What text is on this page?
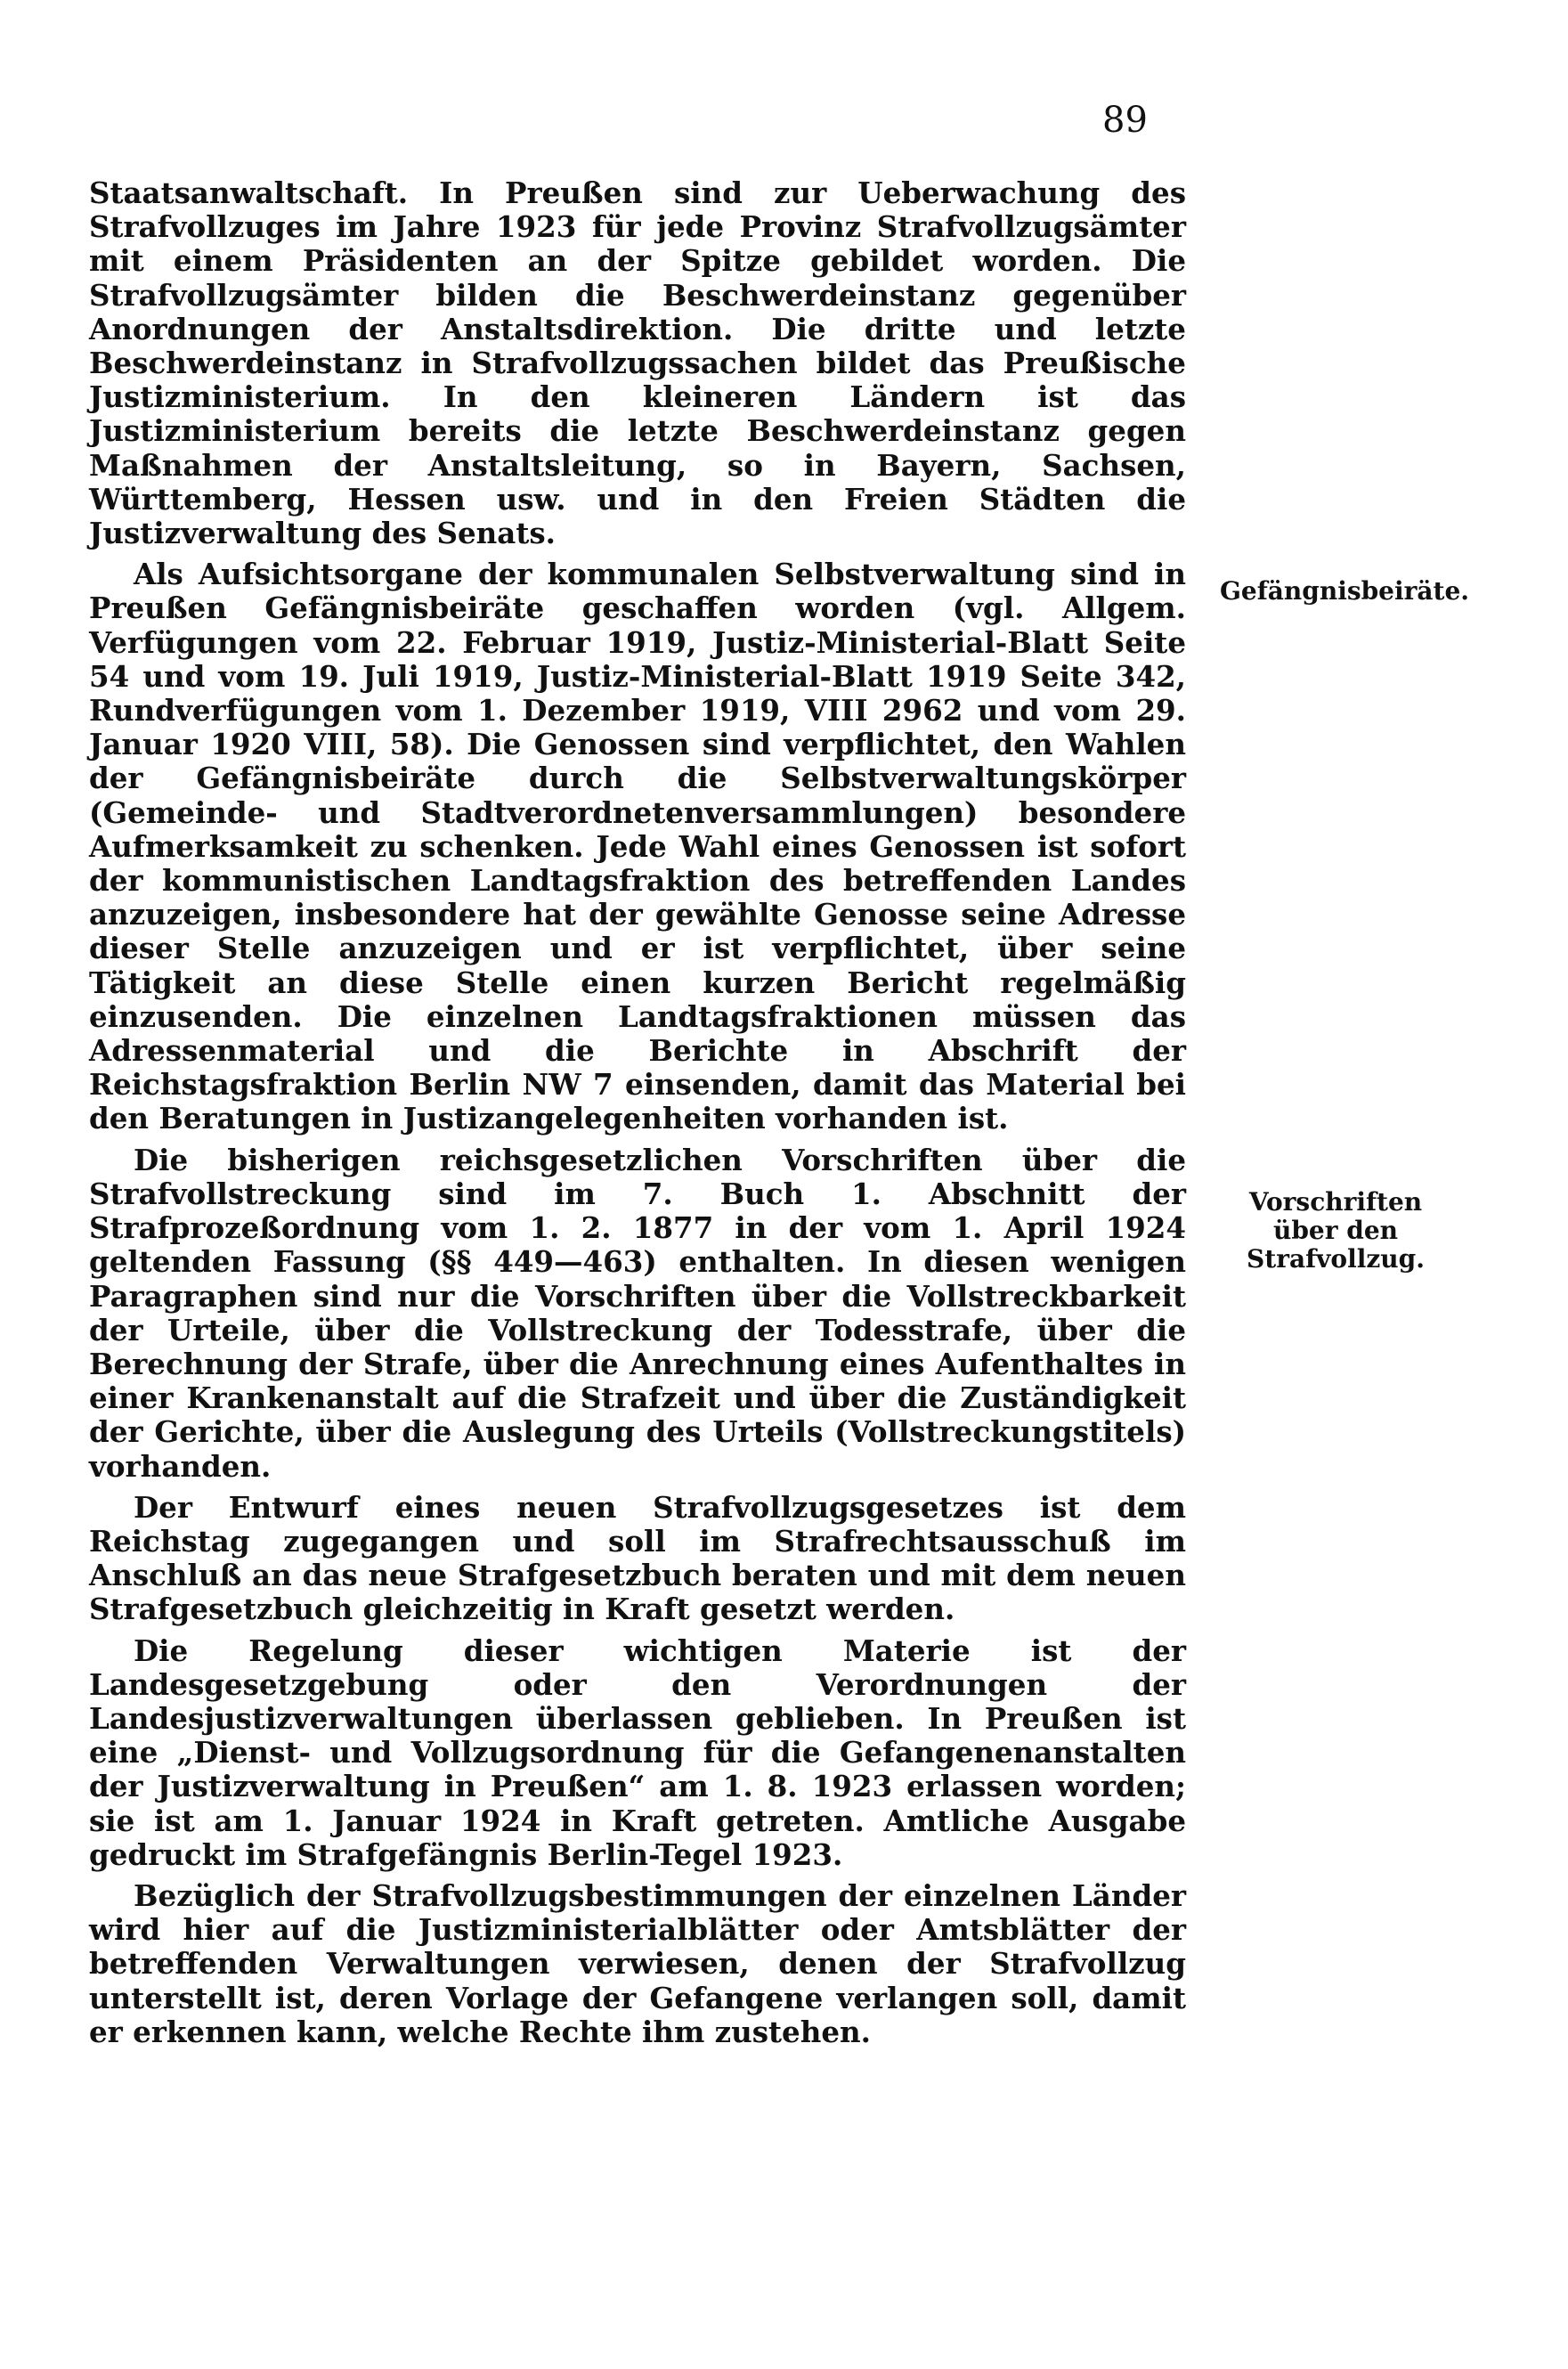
89

Staatsanwaltschaft. In Preußen sind zur Ueberwachung des Strafvollzuges im Jahre 1923 für jede Provinz Strafvollzugsämter mit einem Präsidenten an der Spitze gebildet worden. Die Strafvollzugsämter bilden die Beschwerdeinstanz gegenüber Anordnungen der Anstaltsdirektion. Die dritte und letzte Beschwerdeinstanz in Strafvollzugssachen bildet das Preußische Justizministerium. In den kleineren Ländern ist das Justizministerium bereits die letzte Beschwerdeinstanz gegen Maßnahmen der Anstaltsleitung, so in Bayern, Sachsen, Württemberg, Hessen usw. und in den Freien Städten die Justizverwaltung des Senats.

Als Aufsichtsorgane der kommunalen Selbstverwaltung sind in Preußen Gefängnisbeiräte geschaffen worden (vgl. Allgem. Verfügungen vom 22. Februar 1919, Justiz-Ministerial-Blatt Seite 54 und vom 19. Juli 1919, Justiz-Ministerial-Blatt 1919 Seite 342, Rundverfügungen vom 1. Dezember 1919, VIII 2962 und vom 29. Januar 1920 VIII, 58). Die Genossen sind verpflichtet, den Wahlen der Gefängnisbeiräte durch die Selbstverwaltungskörper (Gemeinde- und Stadtverordnetenversammlungen) besondere Aufmerksamkeit zu schenken. Jede Wahl eines Genossen ist sofort der kommunistischen Landtagsfraktion des betreffenden Landes anzuzeigen, insbesondere hat der gewählte Genosse seine Adresse dieser Stelle anzuzeigen und er ist verpflichtet, über seine Tätigkeit an diese Stelle einen kurzen Bericht regelmäßig einzusenden. Die einzelnen Landtagsfraktionen müssen das Adressenmaterial und die Berichte in Abschrift der Reichstagsfraktion Berlin NW 7 einsenden, damit das Material bei den Beratungen in Justizangelegenheiten vorhanden ist.

Die bisherigen reichsgesetzlichen Vorschriften über die Strafvollstreckung sind im 7. Buch 1. Abschnitt der Strafprozeßordnung vom 1. 2. 1877 in der vom 1. April 1924 geltenden Fassung (§§ 449—463) enthalten. In diesen wenigen Paragraphen sind nur die Vorschriften über die Vollstreckbarkeit der Urteile, über die Vollstreckung der Todesstrafe, über die Berechnung der Strafe, über die Anrechnung eines Aufenthaltes in einer Krankenanstalt auf die Strafzeit und über die Zuständigkeit der Gerichte, über die Auslegung des Urteils (Vollstreckungstitels) vorhanden.

Der Entwurf eines neuen Strafvollzugsgesetzes ist dem Reichstag zugegangen und soll im Strafrechtsausschuß im Anschluß an das neue Strafgesetzbuch beraten und mit dem neuen Strafgesetzbuch gleichzeitig in Kraft gesetzt werden.

Die Regelung dieser wichtigen Materie ist der Landesgesetzgebung oder den Verordnungen der Landesjustizverwaltungen überlassen geblieben. In Preußen ist eine „Dienst- und Vollzugsordnung für die Gefangenenanstalten der Justizverwaltung in Preußen“ am 1. 8. 1923 erlassen worden; sie ist am 1. Januar 1924 in Kraft getreten. Amtliche Ausgabe gedruckt im Strafgefängnis Berlin-Tegel 1923.

Bezüglich der Strafvollzugsbestimmungen der einzelnen Länder wird hier auf die Justizministerialblätter oder Amtsblätter der betreffenden Verwaltungen verwiesen, denen der Strafvollzug unterstellt ist, deren Vorlage der Gefangene verlangen soll, damit er erkennen kann, welche Rechte ihm zustehen.

Gefängnisbeiräte.
Vorschriften über den Strafvollzug.
